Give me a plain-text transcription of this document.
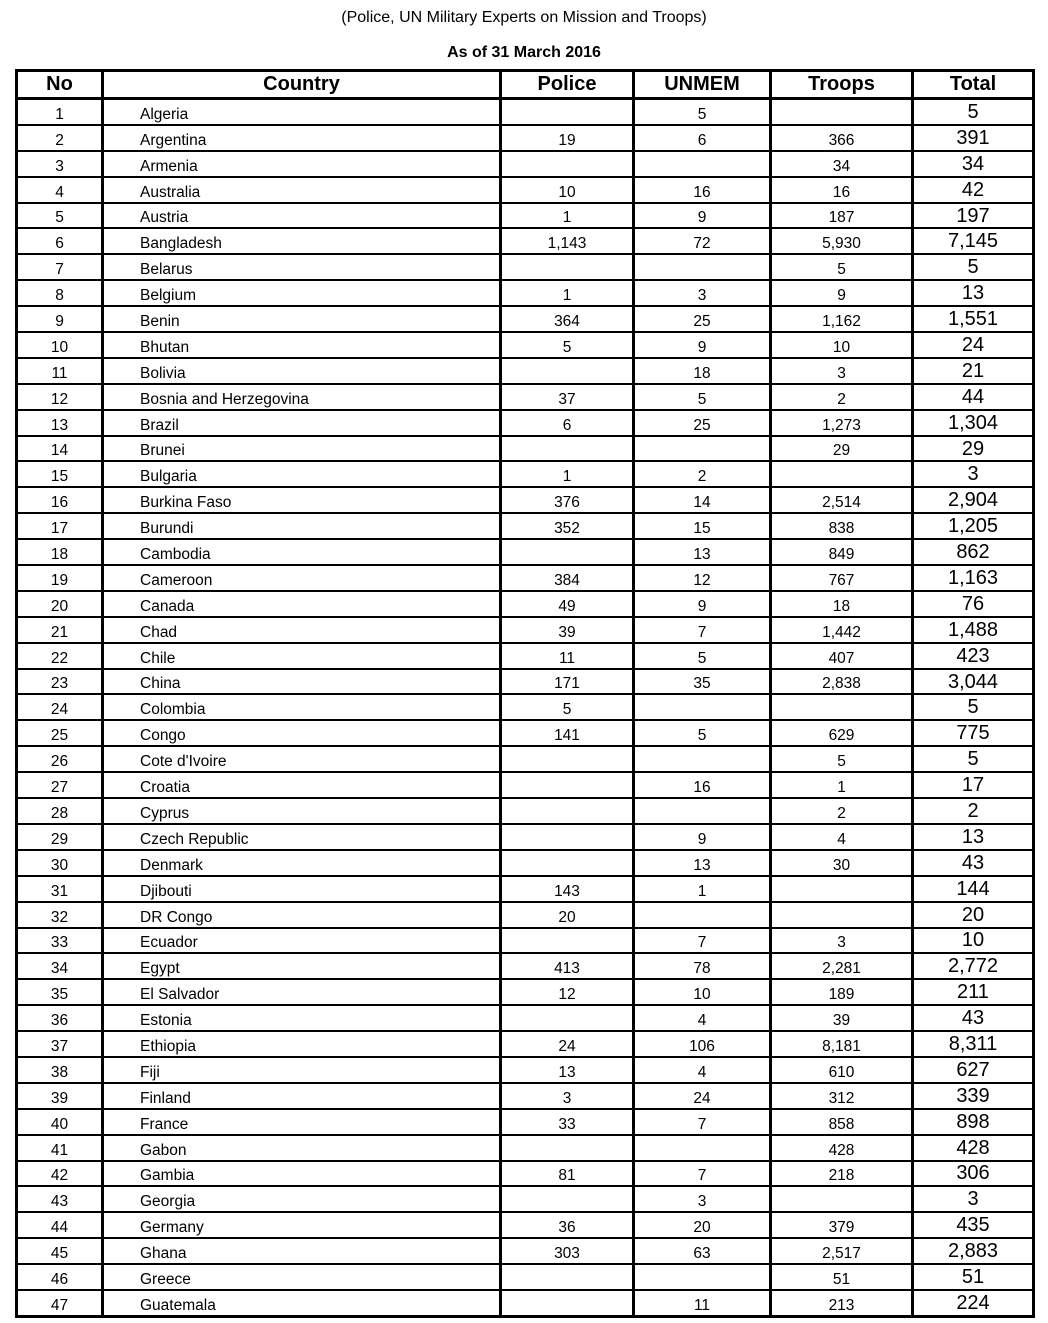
(Police, UN Military Experts on Mission and Troops)
As of 31 March 2016
No	Country	Police	UNMEM	Troops	Total
1	Algeria		5		5
2	Argentina	19	6	366	391
3	Armenia			34	34
4	Australia	10	16	16	42
5	Austria	1	9	187	197
6	Bangladesh	1,143	72	5,930	7,145
7	Belarus			5	5
8	Belgium	1	3	9	13
9	Benin	364	25	1,162	1,551
10	Bhutan	5	9	10	24
11	Bolivia		18	3	21
12	Bosnia and Herzegovina	37	5	2	44
13	Brazil	6	25	1,273	1,304
14	Brunei			29	29
15	Bulgaria	1	2		3
16	Burkina Faso	376	14	2,514	2,904
17	Burundi	352	15	838	1,205
18	Cambodia		13	849	862
19	Cameroon	384	12	767	1,163
20	Canada	49	9	18	76
21	Chad	39	7	1,442	1,488
22	Chile	11	5	407	423
23	China	171	35	2,838	3,044
24	Colombia	5			5
25	Congo	141	5	629	775
26	Cote d'Ivoire			5	5
27	Croatia		16	1	17
28	Cyprus			2	2
29	Czech Republic		9	4	13
30	Denmark		13	30	43
31	Djibouti	143	1		144
32	DR Congo	20			20
33	Ecuador		7	3	10
34	Egypt	413	78	2,281	2,772
35	El Salvador	12	10	189	211
36	Estonia		4	39	43
37	Ethiopia	24	106	8,181	8,311
38	Fiji	13	4	610	627
39	Finland	3	24	312	339
40	France	33	7	858	898
41	Gabon			428	428
42	Gambia	81	7	218	306
43	Georgia		3		3
44	Germany	36	20	379	435
45	Ghana	303	63	2,517	2,883
46	Greece			51	51
47	Guatemala		11	213	224
